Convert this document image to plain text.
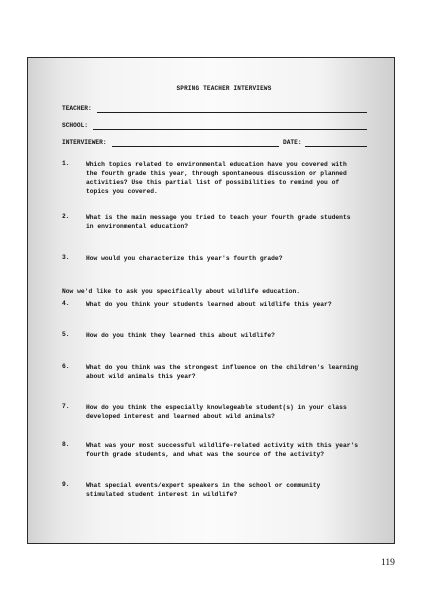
SPRING TEACHER INTERVIEWS
TEACHER:
SCHOOL:
INTERVIEWER:	DATE:
1.	Which topics related to environmental education have you covered with
the fourth grade this year, through spontaneous discussion or planned
activities? Use this partial list of possibilities to remind you of
topics you covered.
2.	What is the main message you tried to teach your fourth grade students
in environmental education?
3.	How would you characterize this year's fourth grade?
Now we'd like to ask you specifically about wildlife education.
4.	What do you think your students learned about wildlife this year?
5.	How do you think they learned this about wildlife?
6.	What do you think was the strongest influence on the children's learning
about wild animals this year?
7.	How do you think the especially knowlegeable student(s) in your class
developed interest and learned about wild animals?
8.	What was your most successful wildlife-related activity with this year's
fourth grade students, and what was the source of the activity?
9.	What special events/expert speakers in the school or community
stimulated student interest in wildlife?
119
